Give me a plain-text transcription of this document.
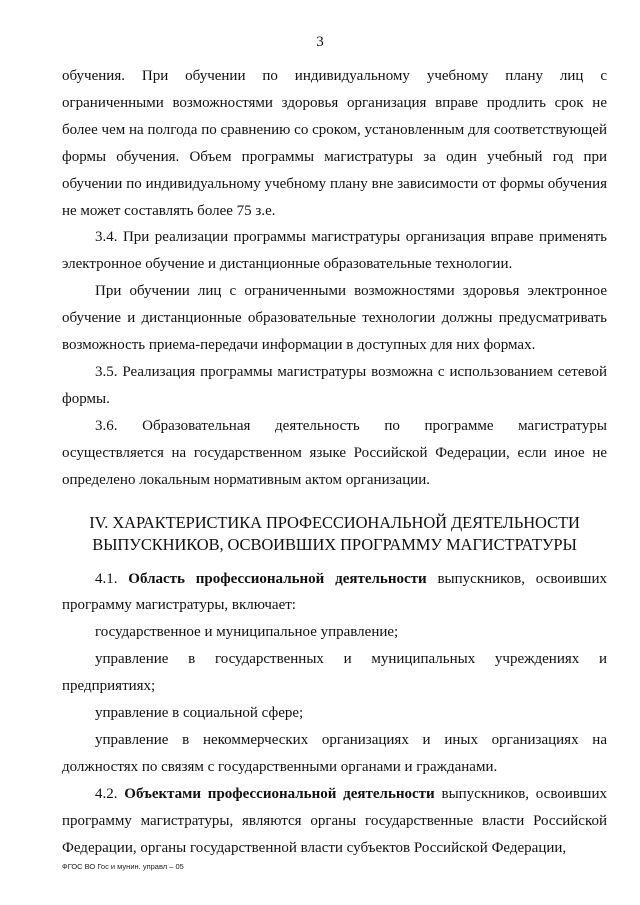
3

обучения. При обучении по индивидуальному учебному плану лиц с ограниченными возможностями здоровья организация вправе продлить срок не более чем на полгода по сравнению со сроком, установленным для соответствующей формы обучения. Объем программы магистратуры за один учебный год при обучении по индивидуальному учебному плану вне зависимости от формы обучения не может составлять более 75 з.е.

3.4. При реализации программы магистратуры организация вправе применять электронное обучение и дистанционные образовательные технологии.

При обучении лиц с ограниченными возможностями здоровья электронное обучение и дистанционные образовательные технологии должны предусматривать возможность приема-передачи информации в доступных для них формах.

3.5. Реализация программы магистратуры возможна с использованием сетевой формы.

3.6. Образовательная деятельность по программе магистратуры осуществляется на государственном языке Российской Федерации, если иное не определено локальным нормативным актом организации.

IV. ХАРАКТЕРИСТИКА ПРОФЕССИОНАЛЬНОЙ ДЕЯТЕЛЬНОСТИ
ВЫПУСКНИКОВ, ОСВОИВШИХ ПРОГРАММУ МАГИСТРАТУРЫ

4.1. Область профессиональной деятельности выпускников, освоивших программу магистратуры, включает:

государственное и муниципальное управление;

управление в государственных и муниципальных учреждениях и предприятиях;

управление в социальной сфере;

управление в некоммерческих организациях и иных организациях на должностях по связям с государственными органами и гражданами.

4.2. Объектами профессиональной деятельности выпускников, освоивших программу магистратуры, являются органы государственные власти Российской Федерации, органы государственной власти субъектов Российской Федерации,

ФГОС ВО Гос и мунин. управл – 05
